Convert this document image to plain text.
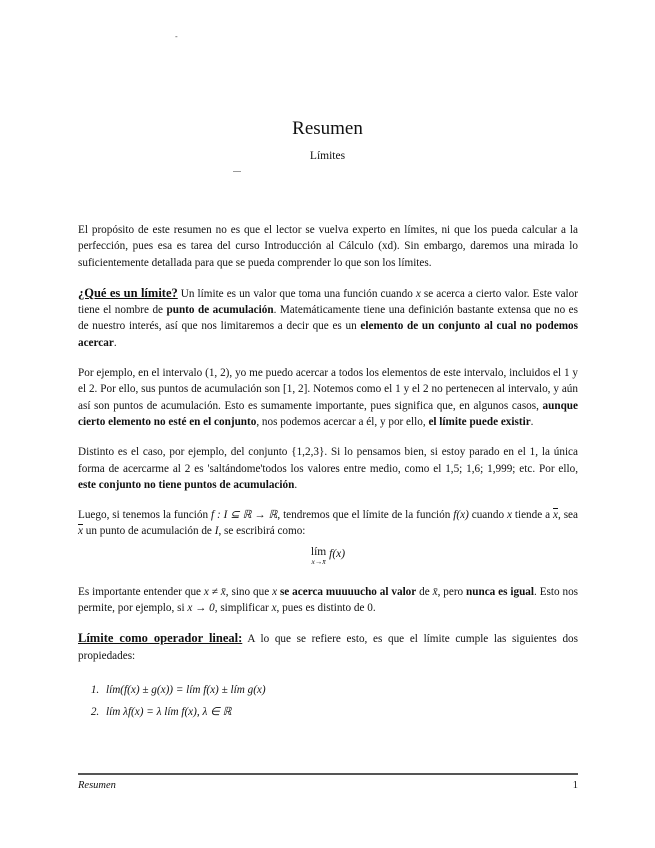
-
Resumen
Límites

El propósito de este resumen no es que el lector se vuelva experto en límites, ni que los pueda calcular a la perfección, pues esa es tarea del curso Introducción al Cálculo (xd). Sin embargo, daremos una mirada lo suficientemente detallada para que se pueda comprender lo que son los límites.

¿Qué es un límite? Un límite es un valor que toma una función cuando x se acerca a cierto valor. Este valor tiene el nombre de punto de acumulación. Matemáticamente tiene una definición bastante extensa que no es de nuestro interés, así que nos limitaremos a decir que es un elemento de un conjunto al cual no podemos acercar.

Por ejemplo, en el intervalo (1, 2), yo me puedo acercar a todos los elementos de este intervalo, incluidos el 1 y el 2. Por ello, sus puntos de acumulación son [1, 2]. Notemos como el 1 y el 2 no pertenecen al intervalo, y aún así son puntos de acumulación. Esto es sumamente importante, pues significa que, en algunos casos, aunque cierto elemento no esté en el conjunto, nos podemos acercar a él, y por ello, el límite puede existir.

Distinto es el caso, por ejemplo, del conjunto {1,2,3}. Si lo pensamos bien, si estoy parado en el 1, la única forma de acercarme al 2 es 'saltándome'todos los valores entre medio, como el 1,5; 1,6; 1,999; etc. Por ello, este conjunto no tiene puntos de acumulación.

Luego, si tenemos la función f : I ⊆ ℝ → ℝ, tendremos que el límite de la función f(x) cuando x tiende a $\overline{x}$, sea $\overline{x}$ un punto de acumulación de I, se escribirá como:

lím
x→x̄
f(x)

Es importante entender que x ≠ x̄, sino que x se acerca muuuucho al valor de x̄, pero nunca es igual. Esto nos permite, por ejemplo, si x → 0, simplificar x, pues es distinto de 0.

Límite como operador lineal: A lo que se refiere esto, es que el límite cumple las siguientes dos propiedades:

1. lím(f(x) ± g(x)) = lím f(x) ± lím g(x)
2. lím λf(x) = λ lím f(x), λ ∈ ℝ
Resumen	1
